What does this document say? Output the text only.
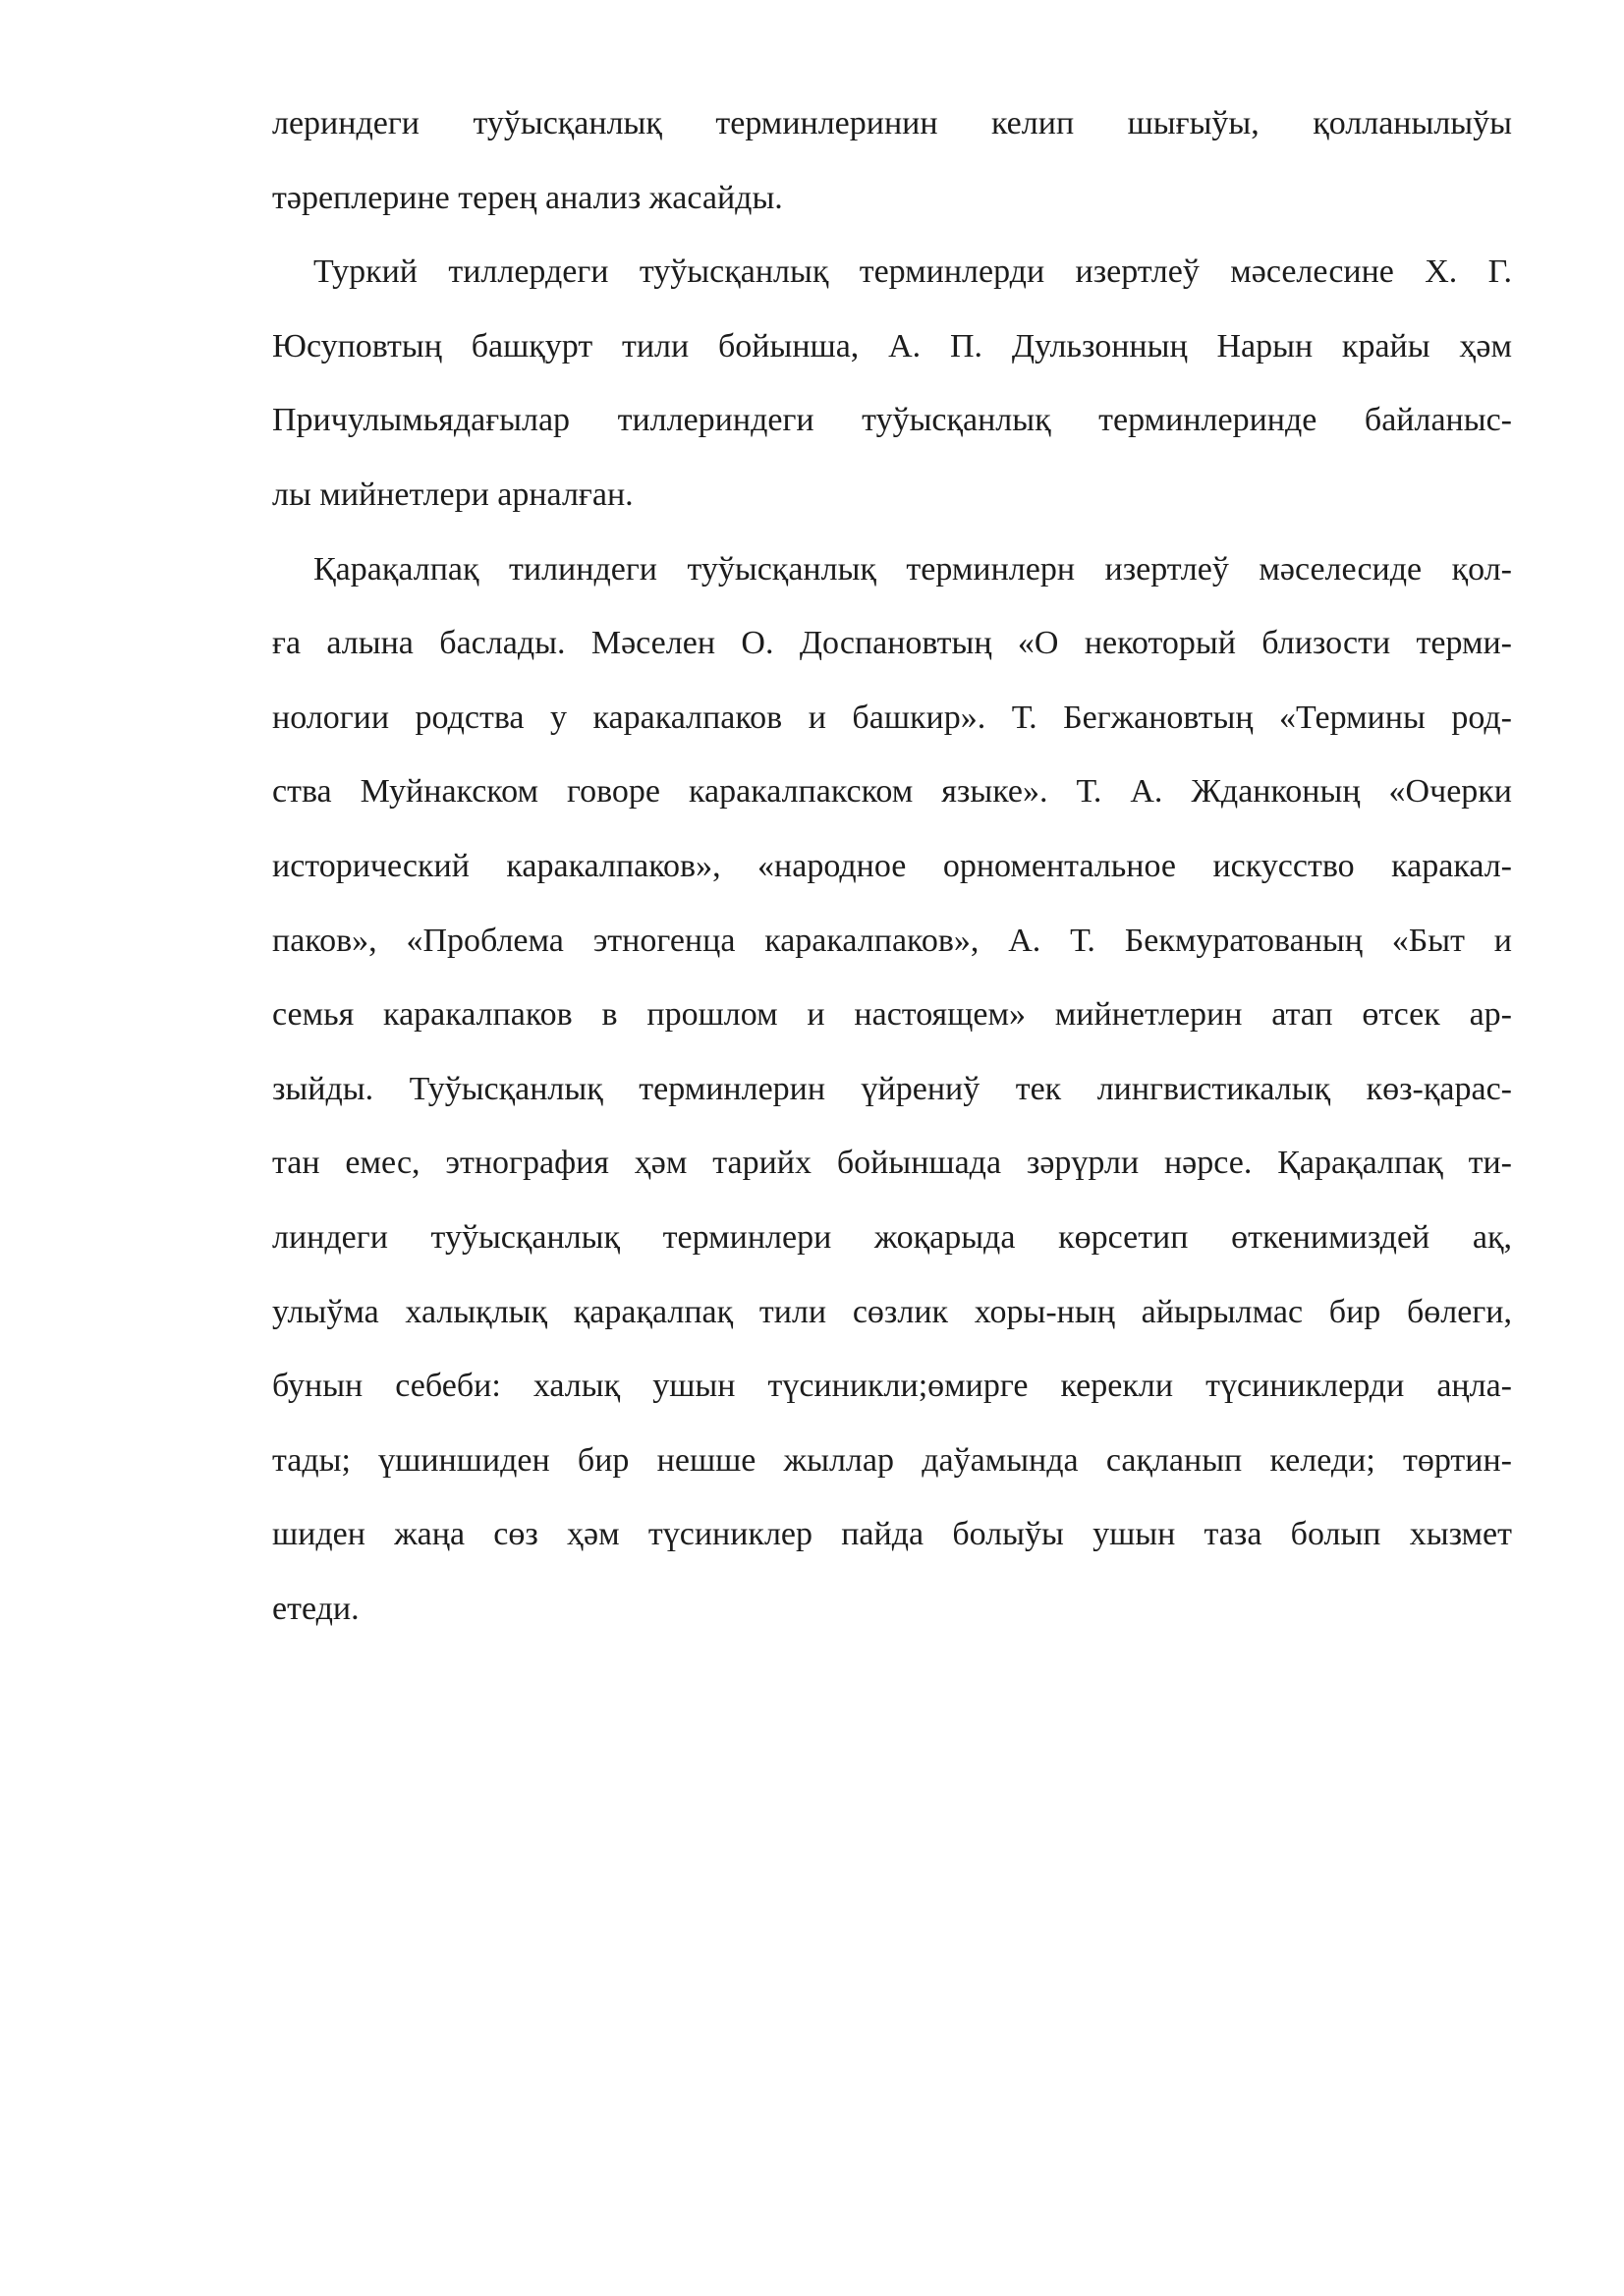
лериндеги туўысқанлық терминлеринин келип шығыўы, қолланылыўы
тәреплерине терең анализ жасайды.
Туркий тиллердеги туўысқанлық терминлерди изертлеў мәселесине Х. Г.
Юсуповтың башқурт тили бойынша, А. П. Дульзонның Нарын крайы ҳәм
Причулымьядағылар тиллериндеги туўысқанлық терминлеринде байланыс-
лы мийнетлери арналған.
Қарақалпақ тилиндеги туўысқанлық терминлерн изертлеў мәселесиде қол-
ға алына баслады. Мәселен О. Доспановтың «О некоторый близости терми-
нологии родства у каракалпаков и башкир». Т. Бегжановтың «Термины род-
ства Муйнакском говоре каракалпакском языке». Т. А. Жданконың «Очерки
исторический каракалпаков», «народное орноментальное искусство каракал-
паков», «Проблема этногенца каракалпаков», А. Т. Бекмуратованың «Быт и
семья каракалпаков в прошлом и настоящем» мийнетлерин атап өтсек ар-
зыйды. Туўысқанлық терминлерин үйрениў тек лингвистикалық көз-қарас-
тан емес, этнография ҳәм тарийх бойыншада зәрүрли нәрсе. Қарақалпақ ти-
линдеги туўысқанлық терминлери жоқарыда көрсетип өткенимиздей ақ,
улыўма халықлық қарақалпақ тили сөзлик хоры-ның айырылмас бир бөлеги,
бунын себеби: халық ушын түсиникли;өмирге керекли түсиниклерди аңла-
тады; үшиншиден бир нешше жыллар даўамында сақланып келеди; төртин-
шиден жаңа сөз ҳәм түсиниклер пайда болыўы ушын таза болып хызмет
етеди.
